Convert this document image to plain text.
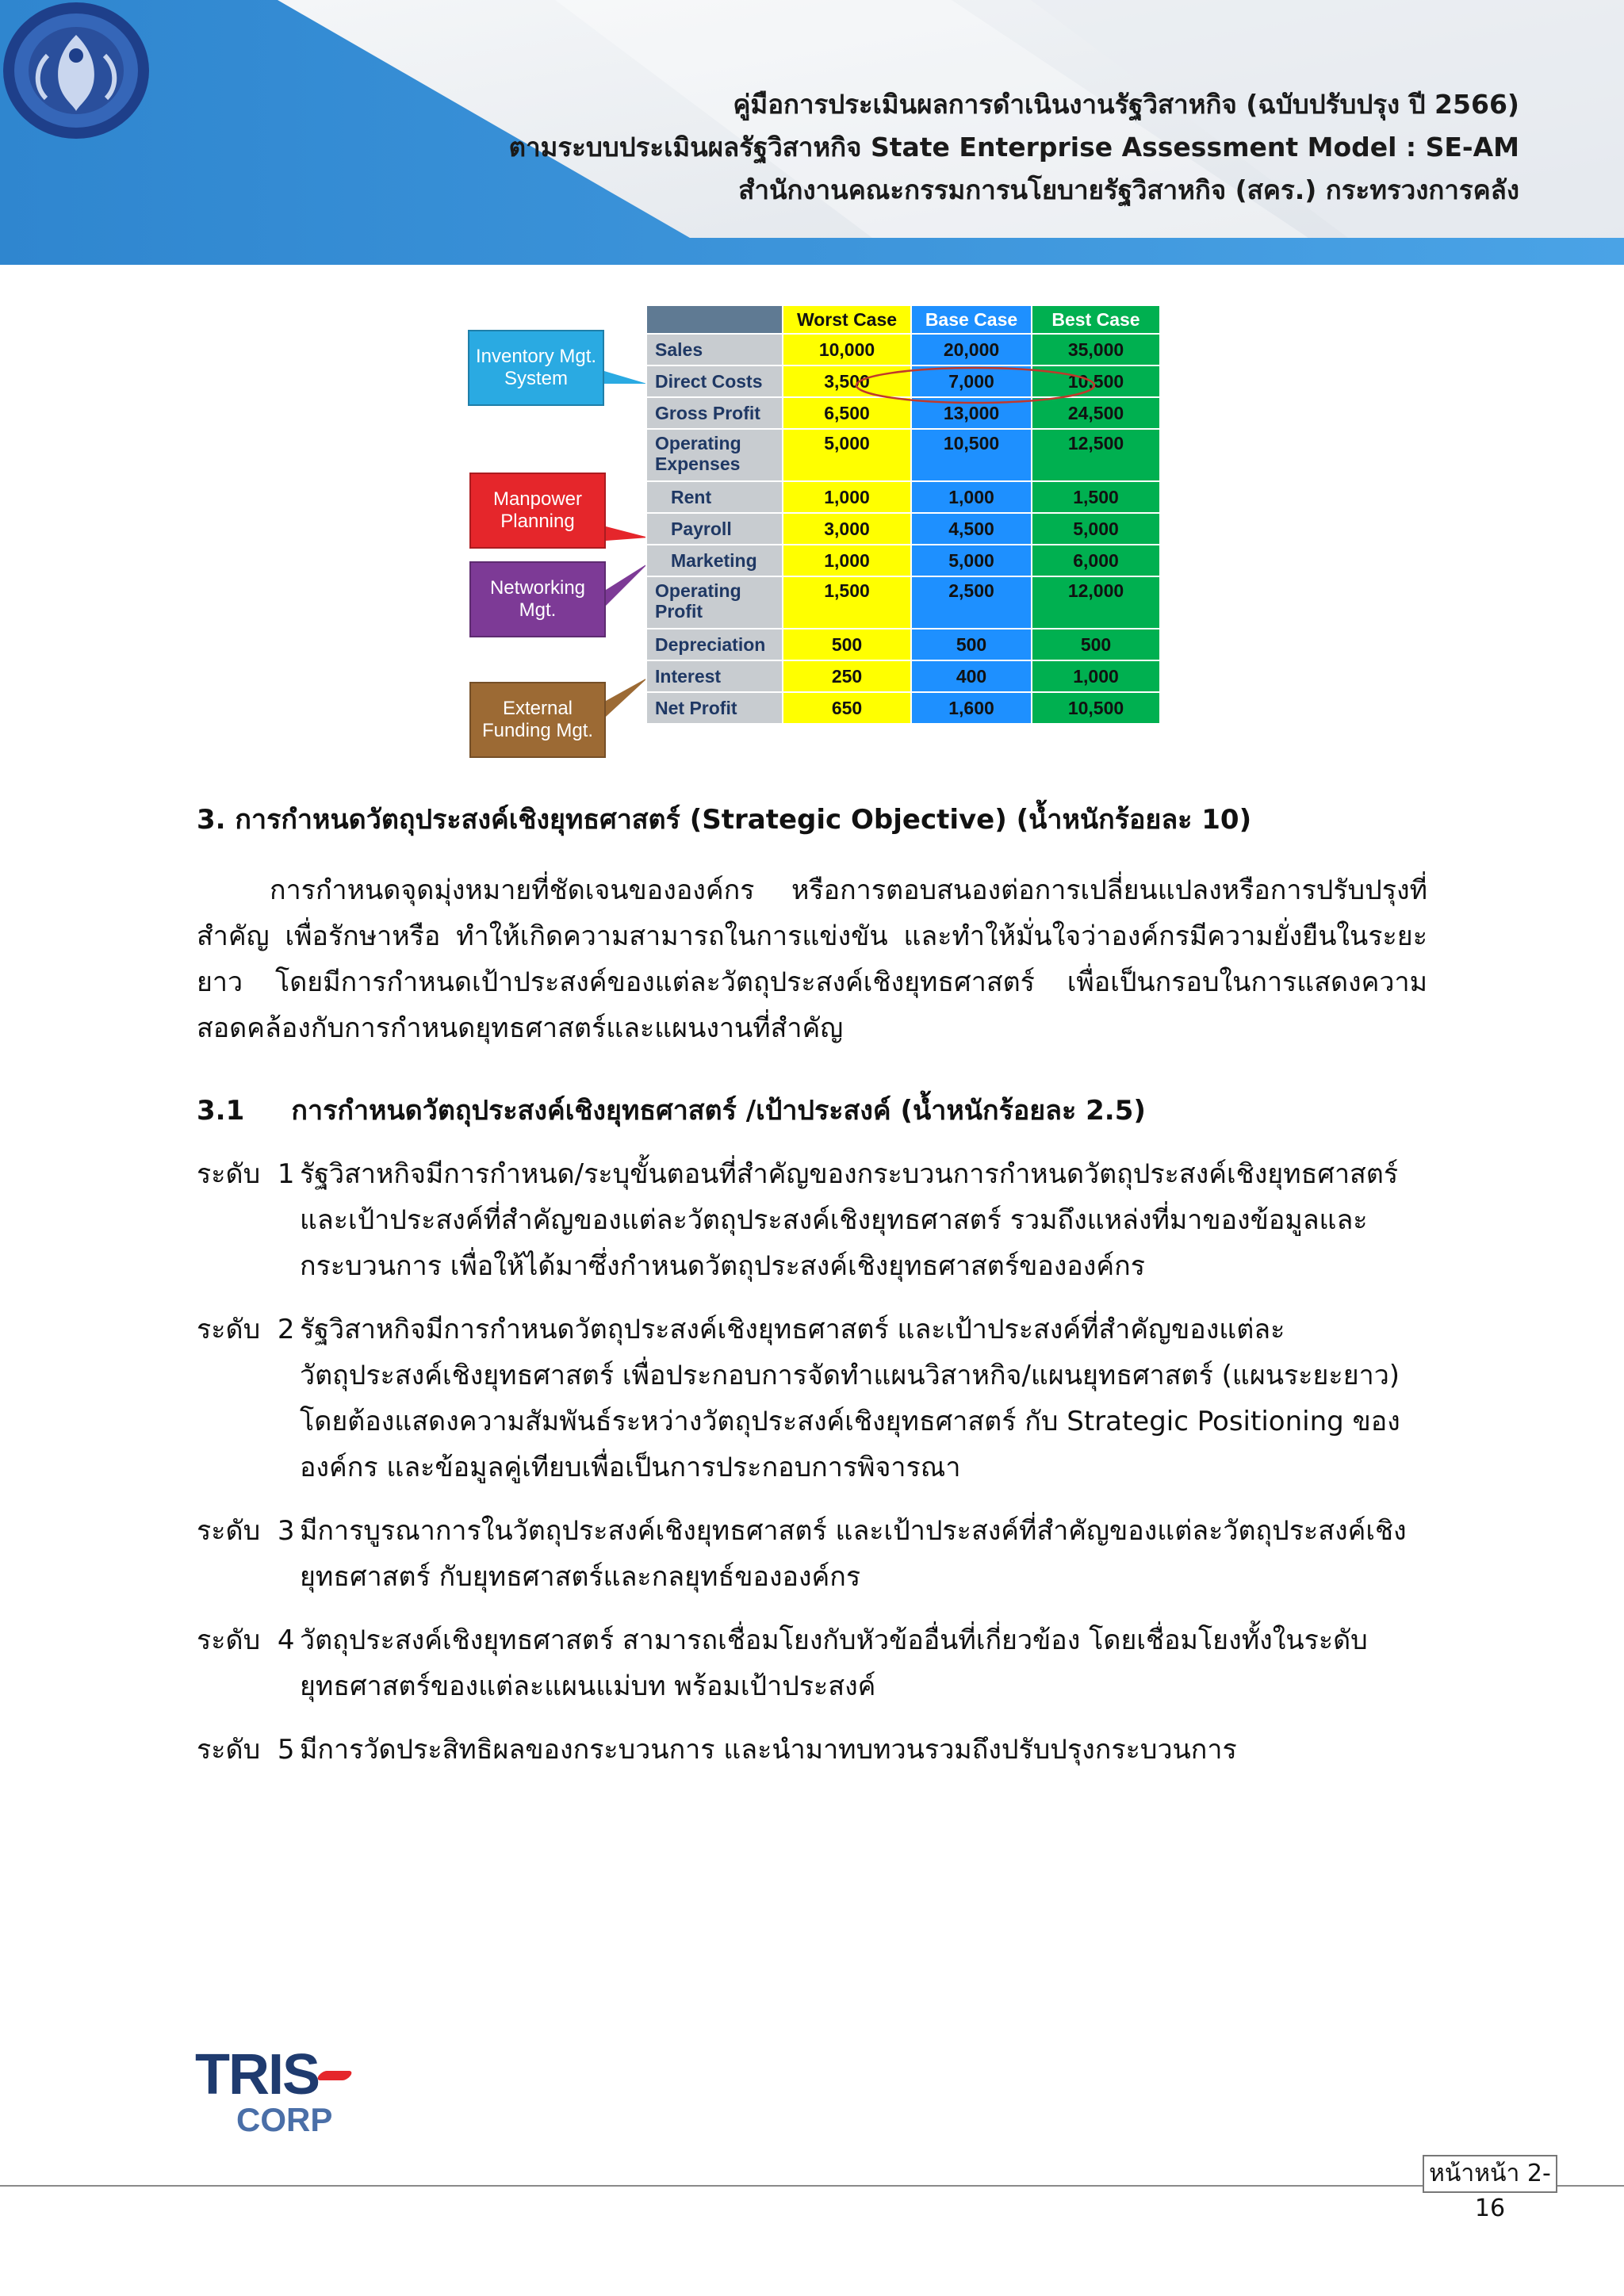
คู่มือการประเมินผลการดำเนินงานรัฐวิสาหกิจ (ฉบับปรับปรุง ปี 2566)
ตามระบบประเมินผลรัฐวิสาหกิจ State Enterprise Assessment Model : SE-AM
สำนักงานคณะกรรมการนโยบายรัฐวิสาหกิจ (สคร.) กระทรวงการคลัง
Inventory Mgt. System
Manpower Planning
Networking Mgt.
External Funding Mgt.
	Worst Case	Base Case	Best Case
Sales	10,000	20,000	35,000
Direct Costs	3,500	7,000	10,500
Gross Profit	6,500	13,000	24,500
Operating Expenses	5,000	10,500	12,500
Rent	1,000	1,000	1,500
Payroll	3,000	4,500	5,000
Marketing	1,000	5,000	6,000
Operating Profit	1,500	2,500	12,000
Depreciation	500	500	500
Interest	250	400	1,000
Net Profit	650	1,600	10,500
3. การกำหนดวัตถุประสงค์เชิงยุทธศาสตร์ (Strategic Objective) (น้ำหนักร้อยละ 10)
การกำหนดจุดมุ่งหมายที่ชัดเจนขององค์กร หรือการตอบสนองต่อการเปลี่ยนแปลงหรือการปรับปรุงที่สำคัญ เพื่อรักษาหรือ ทำให้เกิดความสามารถในการแข่งขัน และทำให้มั่นใจว่าองค์กรมีความยั่งยืนในระยะยาว โดยมีการกำหนดเป้าประสงค์ของแต่ละวัตถุประสงค์เชิงยุทธศาสตร์ เพื่อเป็นกรอบในการแสดงความสอดคล้องกับการกำหนดยุทธศาสตร์และแผนงานที่สำคัญ
3.1     การกำหนดวัตถุประสงค์เชิงยุทธศาสตร์ /เป้าประสงค์ (น้ำหนักร้อยละ 2.5)
ระดับ 1 รัฐวิสาหกิจมีการกำหนด/ระบุขั้นตอนที่สำคัญของกระบวนการกำหนดวัตถุประสงค์เชิงยุทธศาสตร์ และเป้าประสงค์ที่สำคัญของแต่ละวัตถุประสงค์เชิงยุทธศาสตร์ รวมถึงแหล่งที่มาของข้อมูลและกระบวนการ เพื่อให้ได้มาซึ่งกำหนดวัตถุประสงค์เชิงยุทธศาสตร์ขององค์กร
ระดับ 2 รัฐวิสาหกิจมีการกำหนดวัตถุประสงค์เชิงยุทธศาสตร์ และเป้าประสงค์ที่สำคัญของแต่ละวัตถุประสงค์เชิงยุทธศาสตร์ เพื่อประกอบการจัดทำแผนวิสาหกิจ/แผนยุทธศาสตร์ (แผนระยะยาว) โดยต้องแสดงความสัมพันธ์ระหว่างวัตถุประสงค์เชิงยุทธศาสตร์ กับ Strategic Positioning ขององค์กร และข้อมูลคู่เทียบเพื่อเป็นการประกอบการพิจารณา
ระดับ 3 มีการบูรณาการในวัตถุประสงค์เชิงยุทธศาสตร์ และเป้าประสงค์ที่สำคัญของแต่ละวัตถุประสงค์เชิงยุทธศาสตร์ กับยุทธศาสตร์และกลยุทธ์ขององค์กร
ระดับ 4 วัตถุประสงค์เชิงยุทธศาสตร์ สามารถเชื่อมโยงกับหัวข้ออื่นที่เกี่ยวข้อง โดยเชื่อมโยงทั้งในระดับยุทธศาสตร์ของแต่ละแผนแม่บท พร้อมเป้าประสงค์
ระดับ 5 มีการวัดประสิทธิผลของกระบวนการ และนำมาทบทวนรวมถึงปรับปรุงกระบวนการ
TRIS
CORP
หน้าหน้า 2-16
